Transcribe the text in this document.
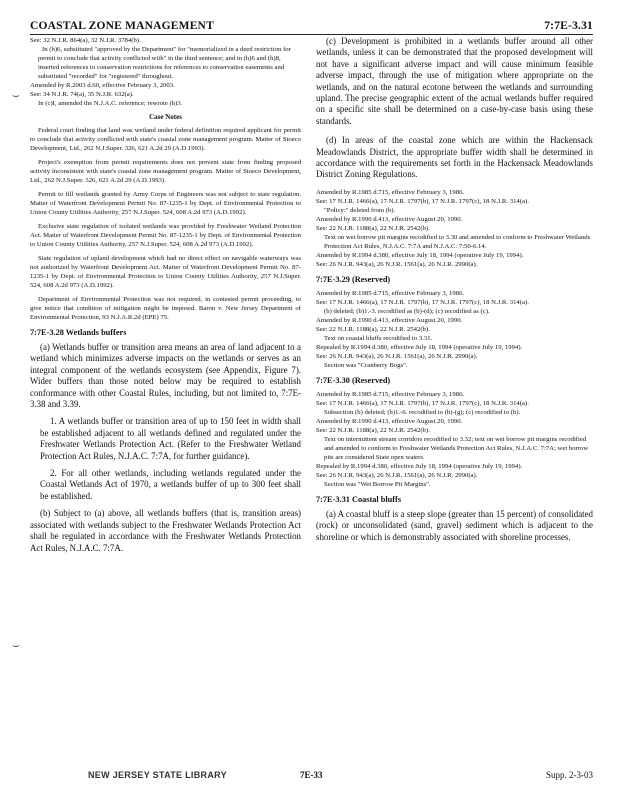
COASTAL ZONE MANAGEMENT	7:7E-3.31
⌣
⌣

See: 32 N.J.R. 864(a), 32 N.J.R. 3784(b).

In (h)6, substituted "approved by the Department" for "memorialized in a deed restriction for permit to conclude that activity conflicted with" in the third sentence; and in (h)6 and (h)8, inserted references to conservation restrictions for references to conservation easements and substituted "recorded" for "registered" throughout.

Amended by R.2003 d.60, effective February 3, 2003.

See: 34 N.J.R. 74(a), 35 N.J.R. 632(a).

In (c)I, amended the N.J.A.C. reference; rewrote (h)3.

Case Notes

Federal court finding that land was wetland under federal definition required applicant for permit to conclude that activity conflicted with state's coastal zone management program. Matter of Stoeco Development, Ltd., 262 N.J.Super. 326, 621 A.2d 29 (A.D.1993).

Project's exemption from permit requirements does not prevent state from finding proposed activity inconsistent with state's coastal zone management program. Matter of Stoeco Development, Ltd., 262 N.J.Super. 326, 621 A.2d 29 (A.D.1993).

Permit to fill wetlands granted by Army Corps of Engineers was not subject to state regulation. Matter of Waterfront Development Permit No. 87-1235-1 by Dept. of Environmental Protection to Union County Utilities Authority, 257 N.J.Super. 524, 608 A.2d 973 (A.D.1992).

Exclusive state regulation of isolated wetlands was provided by Freshwater Wetland Protection Act. Matter of Waterfront Development Permit No. 87-1235-1 by Dept. of Environmental Protection to Union County Utilities Authority, 257 N.J.Super. 524, 608 A.2d 973 (A.D.1992).

State regulation of upland development which had no direct effect on navigable waterways was not authorized by Waterfront Development Act. Matter of Waterfront Development Permit No. 87-1235-1 by Dept. of Environmental Protection to Union County Utilities Authority, 257 N.J.Super. 524, 608 A.2d 973 (A.D.1992).

Department of Environmental Protection was not required, in contested permit proceeding, to give notice that condition of mitigation might be imposed. Baron v. New Jersey Department of Environmental Protection, 93 N.J.A.R.2d (EPE) 75.

7:7E-3.28 Wetlands buffers

(a) Wetlands buffer or transition area means an area of land adjacent to a wetland which minimizes adverse impacts on the wetlands or serves as an integral component of the wetlands ecosystem (see Appendix, Figure 7). Wider buffers than those noted below may be required to establish conformance with other Coastal Rules, including, but not limited to, 7:7E-3.38 and 3.39.

1. A wetlands buffer or transition area of up to 150 feet in width shall be established adjacent to all wetlands defined and regulated under the Freshwater Wetlands Protection Act. (Refer to the Freshwater Wetland Protection Act Rules, N.J.A.C. 7:7A, for further guidance).

2. For all other wetlands, including wetlands regulated under the Coastal Wetlands Act of 1970, a wetlands buffer of up to 300 feet shall be established.

(b) Subject to (a) above, all wetlands buffers (that is, transition areas) associated with wetlands subject to the Freshwater Wetlands Protection Act shall be regulated in accordance with the Freshwater Wetlands Protection Act Rules, N.J.A.C. 7:7A.

(c) Development is prohibited in a wetlands buffer around all other wetlands, unless it can be demonstrated that the proposed development will not have a significant adverse impact and will cause minimum feasible adverse impact, through the use of mitigation where appropriate on the wetlands, and on the natural ecotone between the wetlands and surrounding upland. The precise geographic extent of the actual wetlands buffer required on a specific site shall be determined on a case-by-case basis using these standards.

(d) In areas of the coastal zone which are within the Hackensack Meadowlands District, the appropriate buffer width shall be determined in accordance with the requirements set forth in the Hackensack Meadowlands District Zoning Regulations.

Amended by R.1985 d.715, effective February 3, 1986.

See: 17 N.J.R. 1466(a), 17 N.J.R. 1797(b), 17 N.J.R. 1797(c), 18 N.J.R. 314(a).

"Policy:" deleted from (b).

Amended by R.1990 d.413, effective August 20, 1990.

See: 22 N.J.R. 1188(a), 22 N.J.R. 2542(b).

Text on wet borrow pit margins recodified to 3.30 and amended to conform to Freshwater Wetlands Protection Act Rules, N.J.A.C. 7:7A and N.J.A.C. 7:50-6.14.

Amended by R.1994 d.380, effective July 18, 1994 (operative July 19, 1994).

See: 26 N.J.R. 943(a), 26 N.J.R. 1561(a), 26 N.J.R. 2990(a).

7:7E-3.29 (Reserved)

Amended by R.1985 d.715, effective February 3, 1986.

See: 17 N.J.R. 1466(a), 17 N.J.R. 1797(b), 17 N.J.R. 1797(c), 18 N.J.R. 314(a).

(b) deleted; (b)1.-3. recodified as (b)-(d); (c) recodified as (c).

Amended by R.1990 d.413, effective August 20, 1990.

See: 22 N.J.R. 1188(a), 22 N.J.R. 2542(b).

Text on coastal bluffs recodified to 3.31.

Repealed by R.1994 d.380, effective July 18, 1994 (operative July 19, 1994).

See: 26 N.J.R. 943(a), 26 N.J.R. 1561(a), 26 N.J.R. 2990(a).

Section was "Cranberry Bogs".

7:7E-3.30 (Reserved)

Amended by R.1985 d.715, effective February 3, 1986.

See: 17 N.J.R. 1466(a), 17 N.J.R. 1797(b), 17 N.J.R. 1797(c), 18 N.J.R. 314(a).

Subsection (b) deleted; (b)1.-6. recodified to (b)-(g); (c) recodified to (h).

Amended by R.1990 d.413, effective August 20, 1990.

See: 22 N.J.R. 1188(a), 22 N.J.R. 2542(b).

Text on intermittent stream corridors recodified to 3.32; text on wet borrow pit margins recodified and amended to conform to Freshwater Wetlands Protection Act Rules, N.J.A.C. 7:7A; wet borrow pits are considered State open waters.

Repealed by R.1994 d.380, effective July 18, 1994 (operative July 19, 1994).

See: 26 N.J.R. 943(a), 26 N.J.R. 1561(a), 26 N.J.R. 2990(a).

Section was "Wet Borrow Pit Margins".

7:7E-3.31 Coastal bluffs

(a) A coastal bluff is a steep slope (greater than 15 percent) of consolidated (rock) or unconsolidated (sand, gravel) sediment which is adjacent to the shoreline or which is demonstrably associated with shoreline processes.

NEW JERSEY STATE LIBRARY	7E-33	Supp. 2-3-03
